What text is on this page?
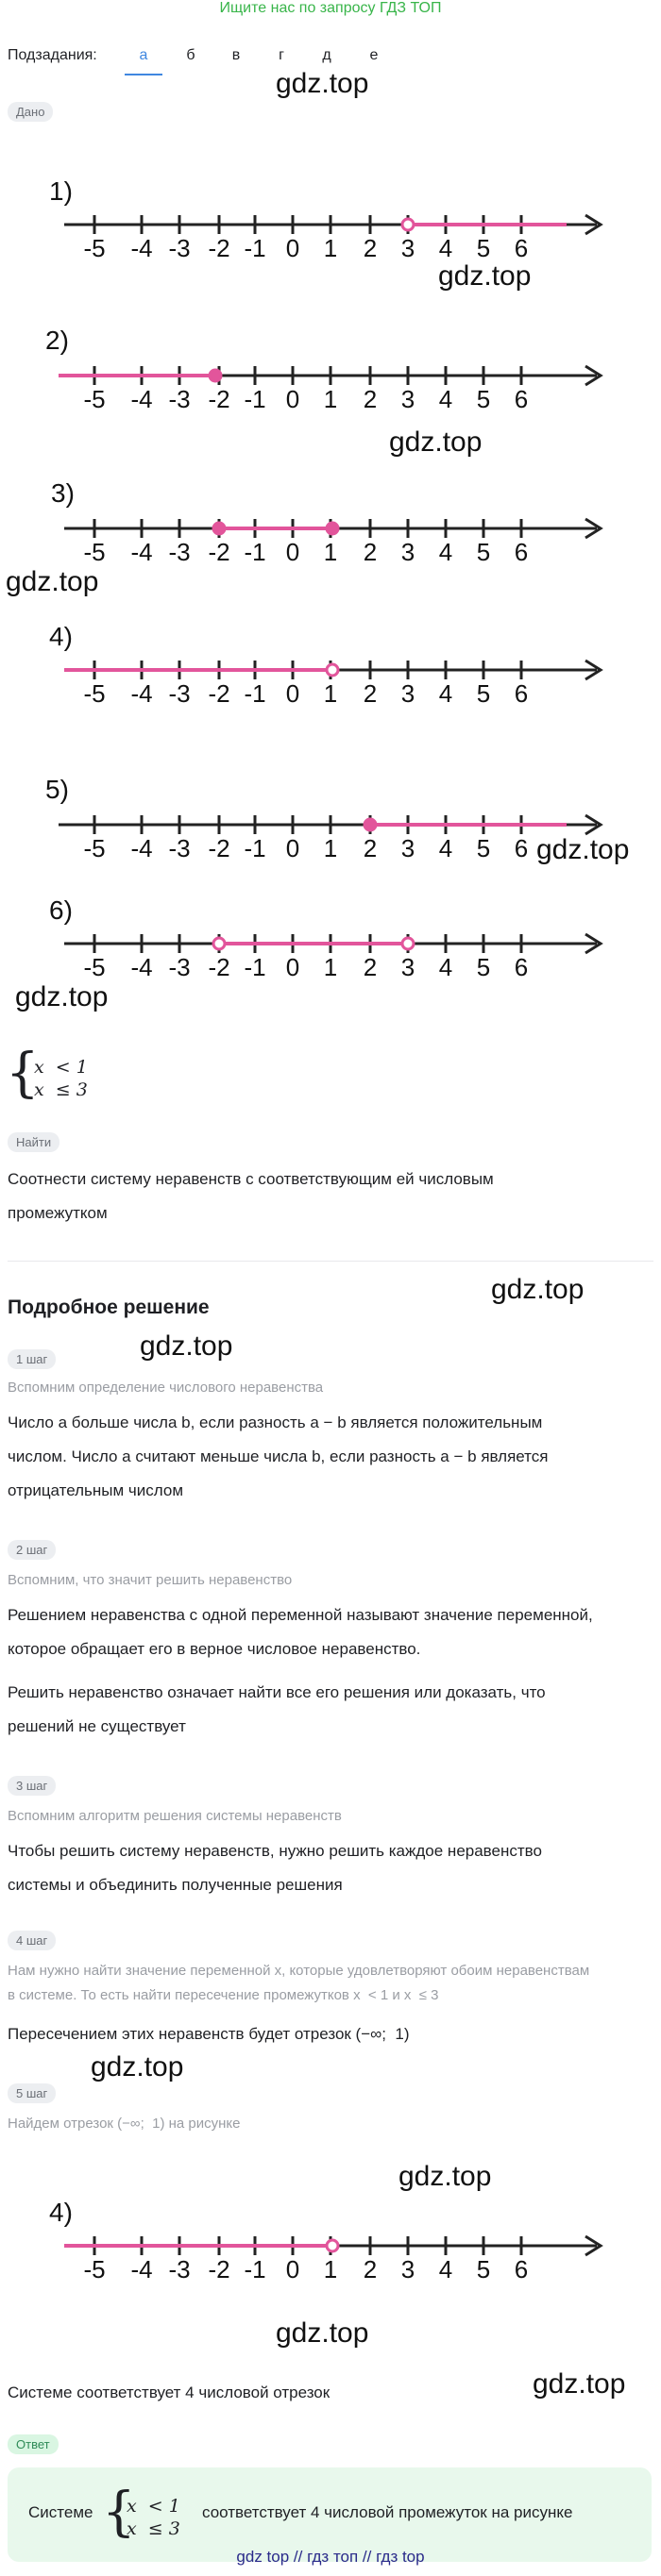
Ищите нас по запросу ГДЗ ТОП
Подзадания:	а	б	в	г	д	е
gdz.top
gdz.top
gdz.top
gdz.top
gdz.top
gdz.top
gdz.top
gdz.top
gdz.top
gdz.top
gdz.top
gdz.top
Дано
1)
-5 -4 -3 -2 -1 0 1 2 3 4 5 6
2)
-5 -4 -3 -2 -1 0 1 2 3 4 5 6
3)
-5 -4 -3 -2 -1 0 1 2 3 4 5 6
4)
-5 -4 -3 -2 -1 0 1 2 3 4 5 6
5)
-5 -4 -3 -2 -1 0 1 2 3 4 5 6
6)
-5 -4 -3 -2 -1 0 1 2 3 4 5 6
{
x  < 1
x  ≤ 3
Найти
Соотнести систему неравенств с соответствующим ей числовым
промежутком
Подробное решение
1 шаг
Вспомним определение числового неравенства
Число a больше числа b, если разность a − b является положительным
числом. Число a считают меньше числа b, если разность a − b является
отрицательным числом
2 шаг
Вспомним, что значит решить неравенство
Решением неравенства с одной переменной называют значение переменной,
которое обращает его в верное числовое неравенство.
Решить неравенство означает найти все его решения или доказать, что
решений не существует
3 шаг
Вспомним алгоритм решения системы неравенств
Чтобы решить систему неравенств, нужно решить каждое неравенство
системы и объединить полученные решения
4 шаг
Нам нужно найти значение переменной x, которые удовлетворяют обоим неравенствам
в системе. То есть найти пересечение промежутков x  < 1 и x  ≤ 3
Пересечением этих неравенств будет отрезок (−∞;  1)
5 шаг
Найдем отрезок (−∞;  1) на рисунке
4)
-5 -4 -3 -2 -1 0 1 2 3 4 5 6
Системе соответствует 4 числовой отрезок
Ответ
Системе {
x  < 1
x  ≤ 3
соответствует 4 числовой промежуток на рисунке
gdz top // гдз топ // гдз top
